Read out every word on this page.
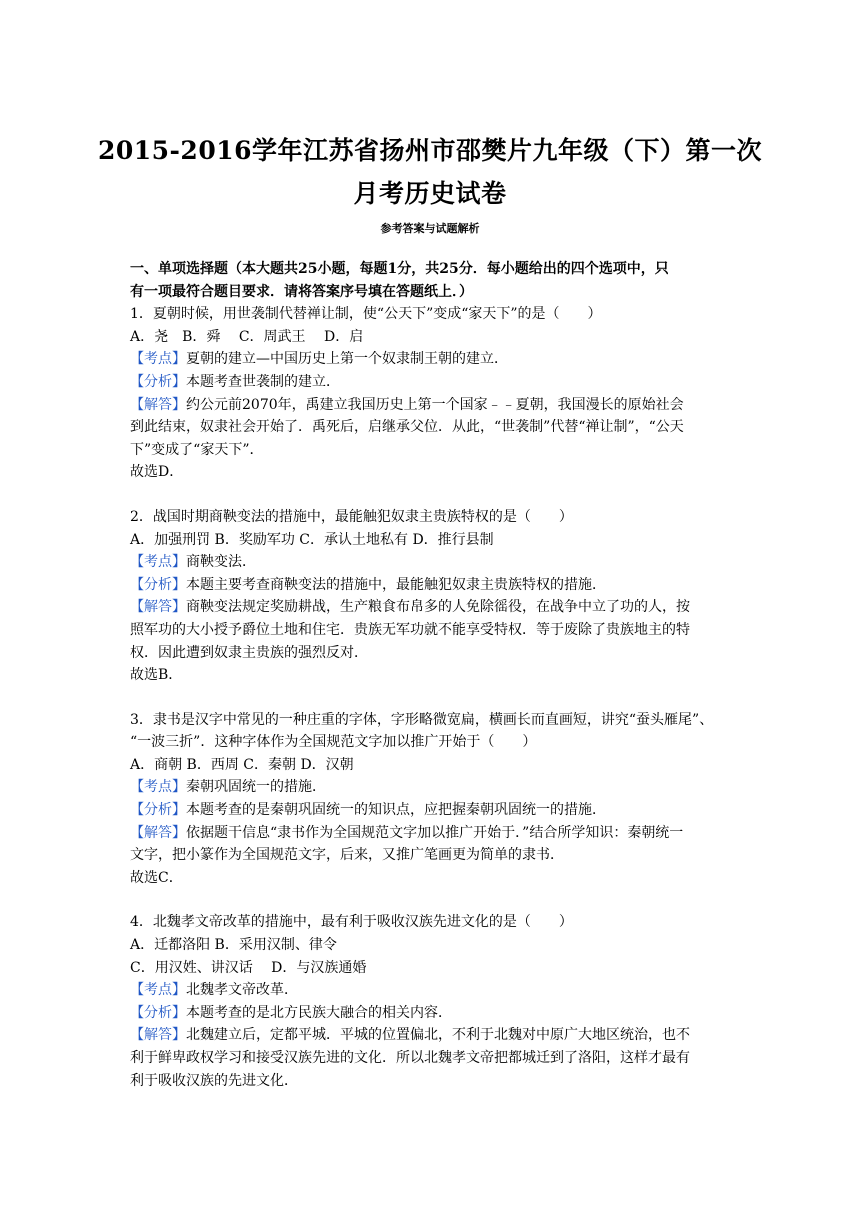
2015-2016学年江苏省扬州市邵樊片九年级（下）第一次
月考历史试卷
参考答案与试题解析

一、单项选择题（本大题共25小题，每题1分，共25分．每小题给出的四个选项中，只

有一项最符合题目要求．请将答案序号填在答题纸上．）

1．夏朝时候，用世袭制代替禅让制，使“公天下”变成“家天下”的是（　　）

A．尧　B．舜　 C．周武王　 D．启

【考点】夏朝的建立—中国历史上第一个奴隶制王朝的建立．

【分析】本题考查世袭制的建立．

【解答】约公元前2070年，禹建立我国历史上第一个国家﹣﹣夏朝，我国漫长的原始社会

到此结束，奴隶社会开始了．禹死后，启继承父位．从此，“世袭制”代替“禅让制”，“公天

下”变成了“家天下”．

故选D．

2．战国时期商鞅变法的措施中，最能触犯奴隶主贵族特权的是（　　）

A．加强刑罚 B．奖励军功 C．承认土地私有 D．推行县制

【考点】商鞅变法．

【分析】本题主要考查商鞅变法的措施中，最能触犯奴隶主贵族特权的措施．

【解答】商鞅变法规定奖励耕战，生产粮食布帛多的人免除徭役，在战争中立了功的人，按

照军功的大小授予爵位土地和住宅．贵族无军功就不能享受特权．等于废除了贵族地主的特

权．因此遭到奴隶主贵族的强烈反对．

故选B．

3．隶书是汉字中常见的一种庄重的字体，字形略微宽扁，横画长而直画短，讲究“蚕头雁尾”、

“一波三折”．这种字体作为全国规范文字加以推广开始于（　　）

A．商朝 B．西周 C．秦朝 D．汉朝

【考点】秦朝巩固统一的措施．

【分析】本题考查的是秦朝巩固统一的知识点，应把握秦朝巩固统一的措施．

【解答】依据题干信息“隶书作为全国规范文字加以推广开始于．”结合所学知识：秦朝统一

文字，把小篆作为全国规范文字，后来，又推广笔画更为简单的隶书．

故选C．

4．北魏孝文帝改革的措施中，最有利于吸收汉族先进文化的是（　　）

A．迁都洛阳 B．采用汉制、律令

C．用汉姓、讲汉话　 D．与汉族通婚

【考点】北魏孝文帝改革．

【分析】本题考查的是北方民族大融合的相关内容．

【解答】北魏建立后，定都平城．平城的位置偏北，不利于北魏对中原广大地区统治，也不

利于鲜卑政权学习和接受汉族先进的文化．所以北魏孝文帝把都城迁到了洛阳，这样才最有

利于吸收汉族的先进文化．
